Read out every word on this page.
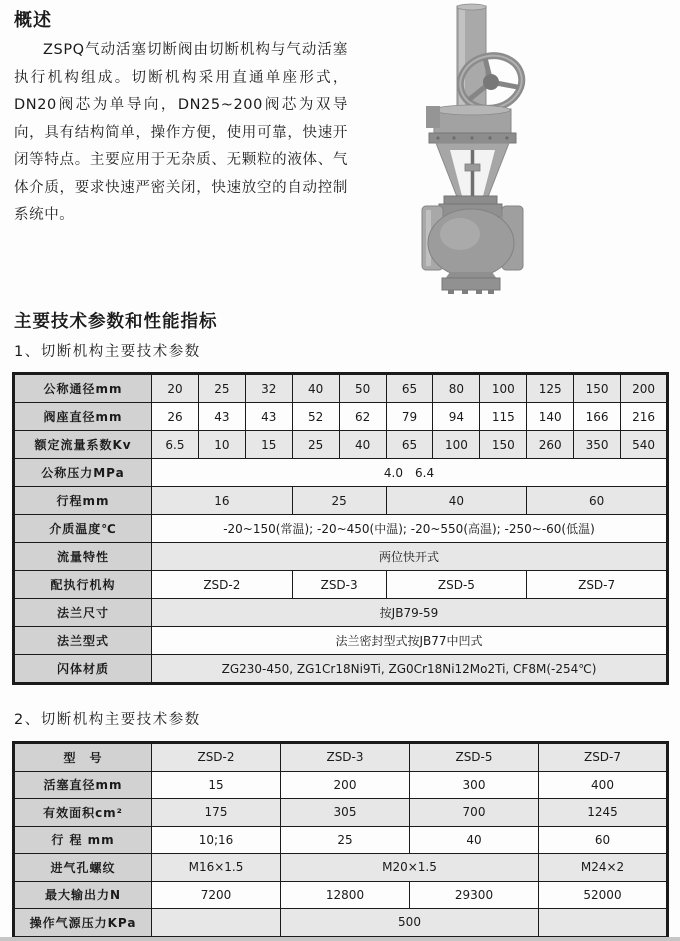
概述

ZSPQ气动活塞切断阀由切断机构与气动活塞执行机构组成。切断机构采用直通单座形式，DN20阀芯为单导向，DN25~200阀芯为双导向，具有结构简单，操作方便，使用可靠，快速开闭等特点。主要应用于无杂质、无颗粒的液体、气体介质，要求快速严密关闭，快速放空的自动控制系统中。

主要技术参数和性能指标
1、切断机构主要技术参数
公称通径mm	20	25	32	40	50	65	80	100	125	150	200
阀座直径mm	26	43	43	52	62	79	94	115	140	166	216
额定流量系数Kv	6.5	10	15	25	40	65	100	150	260	350	540
公称压力MPa	4.0　6.4										
行程mm	16			25		40			60		
介质温度℃	-20~150(常温); -20~450(中温); -20~550(高温); -250~-60(低温)										
流量特性	两位快开式										
配执行机构	ZSD-2			ZSD-3		ZSD-5			ZSD-7		
法兰尺寸	按JB79-59										
法兰型式	法兰密封型式按JB77中凹式										
闪体材质	ZG230-450, ZG1Cr18Ni9Ti, ZG0Cr18Ni12Mo2Ti, CF8M(-254℃)										
2、切断机构主要技术参数
型　号	ZSD-2	ZSD-3	ZSD-5	ZSD-7
活塞直径mm	15	200	300	400
有效面积cm²	175	305	700	1245
行 程 mm	10;16	25	40	60
进气孔螺纹	M16×1.5	M20×1.5		M24×2
最大输出力N	7200	12800	29300	52000
操作气源压力KPa		500		
